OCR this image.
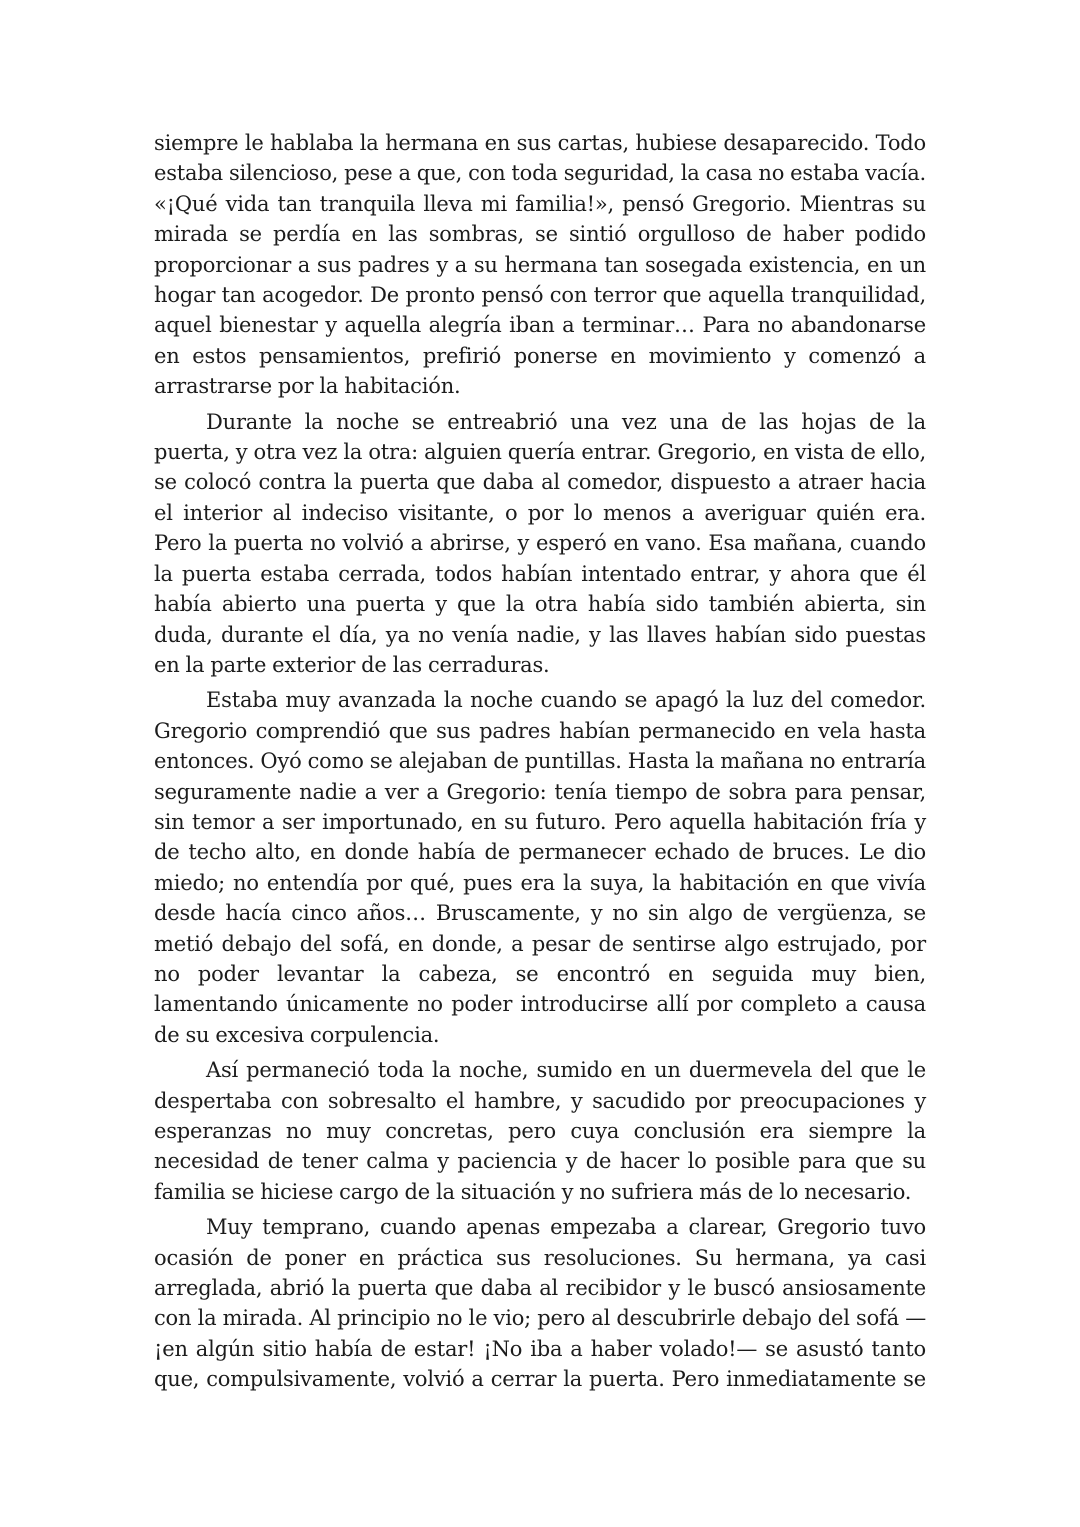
siempre le hablaba la hermana en sus cartas, hubiese desaparecido. Todo estaba silencioso, pese a que, con toda seguridad, la casa no estaba vacía. «¡Qué vida tan tranquila lleva mi familia!», pensó Gregorio. Mientras su mirada se perdía en las sombras, se sintió orgulloso de haber podido proporcionar a sus padres y a su hermana tan sosegada existencia, en un hogar tan acogedor. De pronto pensó con terror que aquella tranquilidad, aquel bienestar y aquella alegría iban a terminar… Para no abandonarse en estos pensamientos, prefirió ponerse en movimiento y comenzó a arrastrarse por la habitación.

Durante la noche se entreabrió una vez una de las hojas de la puerta, y otra vez la otra: alguien quería entrar. Gregorio, en vista de ello, se colocó contra la puerta que daba al comedor, dispuesto a atraer hacia el interior al indeciso visitante, o por lo menos a averiguar quién era. Pero la puerta no volvió a abrirse, y esperó en vano. Esa mañana, cuando la puerta estaba cerrada, todos habían intentado entrar, y ahora que él había abierto una puerta y que la otra había sido también abierta, sin duda, durante el día, ya no venía nadie, y las llaves habían sido puestas en la parte exterior de las cerraduras.

Estaba muy avanzada la noche cuando se apagó la luz del comedor. Gregorio comprendió que sus padres habían permanecido en vela hasta entonces. Oyó como se alejaban de puntillas. Hasta la mañana no entraría seguramente nadie a ver a Gregorio: tenía tiempo de sobra para pensar, sin temor a ser importunado, en su futuro. Pero aquella habitación fría y de techo alto, en donde había de permanecer echado de bruces. Le dio miedo; no entendía por qué, pues era la suya, la habitación en que vivía desde hacía cinco años… Bruscamente, y no sin algo de vergüenza, se metió debajo del sofá, en donde, a pesar de sentirse algo estrujado, por no poder levantar la cabeza, se encontró en seguida muy bien, lamentando únicamente no poder introducirse allí por completo a causa de su excesiva corpulencia.

Así permaneció toda la noche, sumido en un duermevela del que le despertaba con sobresalto el hambre, y sacudido por preocupaciones y esperanzas no muy concretas, pero cuya conclusión era siempre la necesidad de tener calma y paciencia y de hacer lo posible para que su familia se hiciese cargo de la situación y no sufriera más de lo necesario.

Muy temprano, cuando apenas empezaba a clarear, Gregorio tuvo ocasión de poner en práctica sus resoluciones. Su hermana, ya casi arreglada, abrió la puerta que daba al recibidor y le buscó ansiosamente con la mirada. Al principio no le vio; pero al descubrirle debajo del sofá —¡en algún sitio había de estar! ¡No iba a haber volado!— se asustó tanto que, compulsivamente, volvió a cerrar la puerta. Pero inmediatamente se
